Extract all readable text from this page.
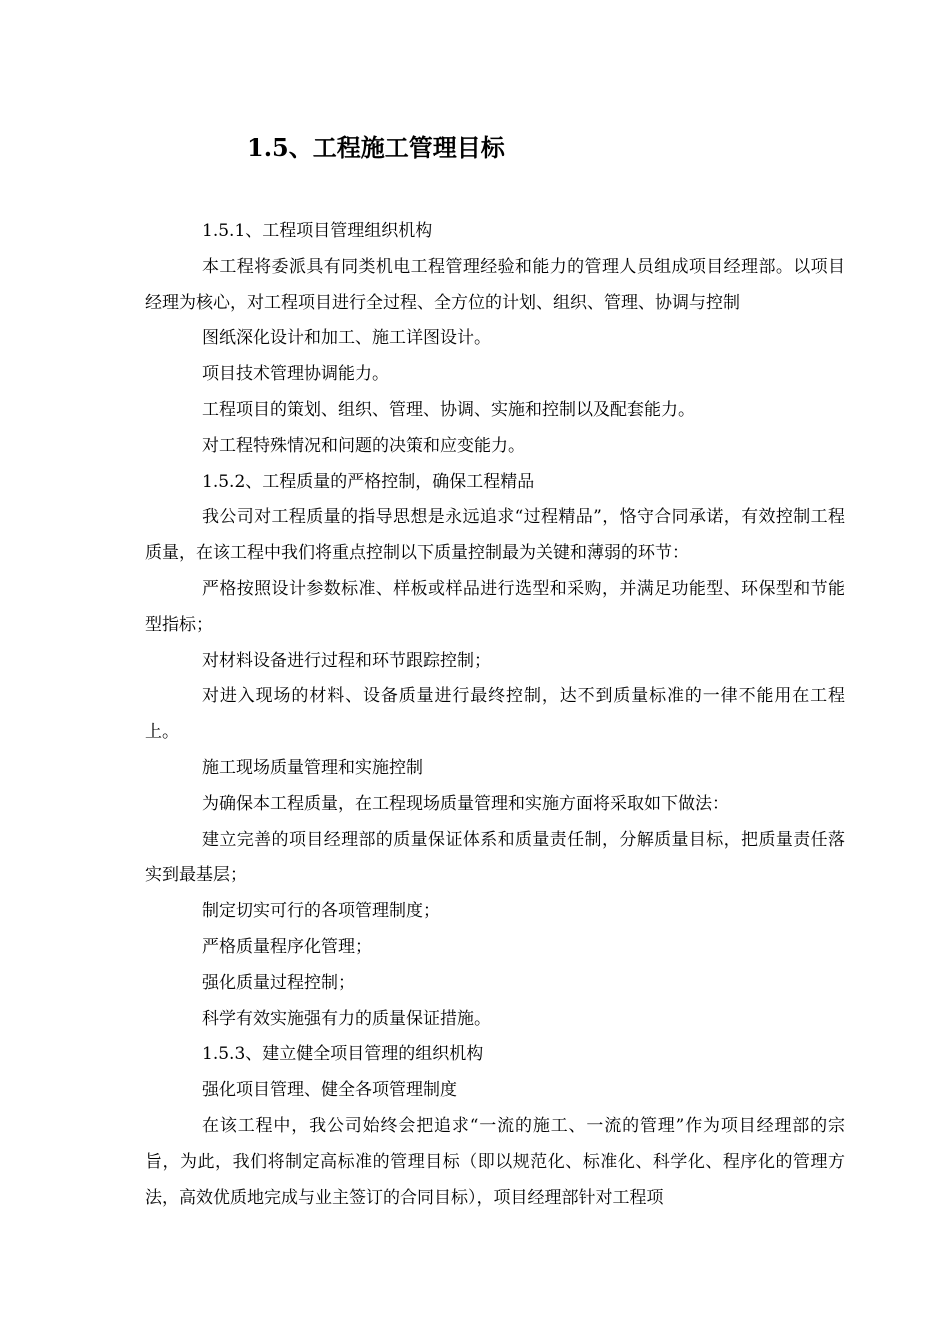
1.5、工程施工管理目标

1.5.1、工程项目管理组织机构

本工程将委派具有同类机电工程管理经验和能力的管理人员组成项目经理部。以项目经理为核心，对工程项目进行全过程、全方位的计划、组织、管理、协调与控制

图纸深化设计和加工、施工详图设计。

项目技术管理协调能力。

工程项目的策划、组织、管理、协调、实施和控制以及配套能力。

对工程特殊情况和问题的决策和应变能力。

1.5.2、工程质量的严格控制，确保工程精品

我公司对工程质量的指导思想是永远追求“过程精品”，恪守合同承诺，有效控制工程质量，在该工程中我们将重点控制以下质量控制最为关键和薄弱的环节：

严格按照设计参数标准、样板或样品进行选型和采购，并满足功能型、环保型和节能型指标；

对材料设备进行过程和环节跟踪控制；

对进入现场的材料、设备质量进行最终控制，达不到质量标准的一律不能用在工程上。

施工现场质量管理和实施控制

为确保本工程质量，在工程现场质量管理和实施方面将采取如下做法：

建立完善的项目经理部的质量保证体系和质量责任制，分解质量目标，把质量责任落实到最基层；

制定切实可行的各项管理制度；

严格质量程序化管理；

强化质量过程控制；

科学有效实施强有力的质量保证措施。

1.5.3、建立健全项目管理的组织机构

强化项目管理、健全各项管理制度

在该工程中，我公司始终会把追求“一流的施工、一流的管理”作为项目经理部的宗旨，为此，我们将制定高标准的管理目标（即以规范化、标准化、科学化、程序化的管理方法，高效优质地完成与业主签订的合同目标），项目经理部针对工程项
